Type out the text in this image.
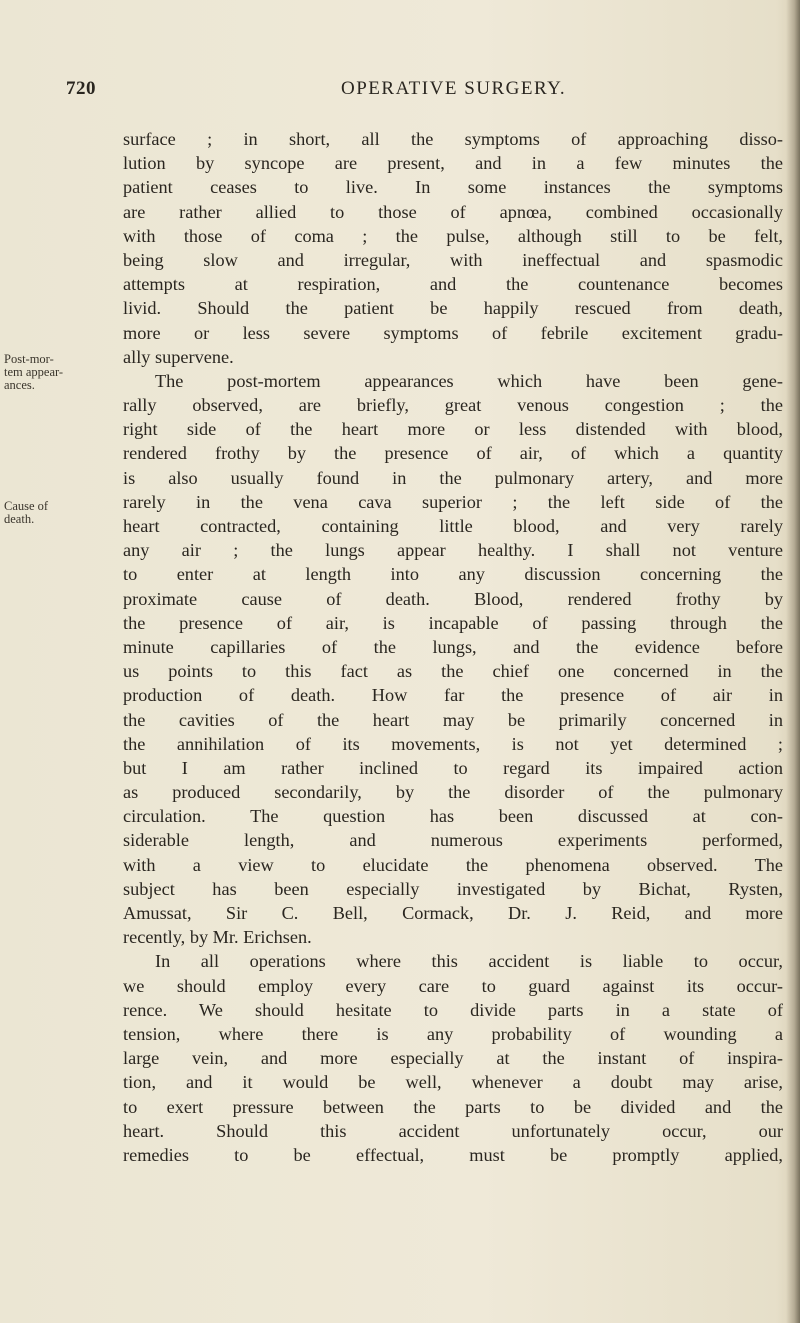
720	OPERATIVE SURGERY.
Post-mor-
tem appear-
ances.
Cause of
death.
surface ; in short, all the symptoms of approaching disso-
lution by syncope are present, and in a few minutes the
patient ceases to live. In some instances the symptoms
are rather allied to those of apnœa, combined occasionally
with those of coma ; the pulse, although still to be felt,
being slow and irregular, with ineffectual and spasmodic
attempts at respiration, and the countenance becomes
livid. Should the patient be happily rescued from death,
more or less severe symptoms of febrile excitement gradu-
ally supervene.
The post-mortem appearances which have been gene-
rally observed, are briefly, great venous congestion ; the
right side of the heart more or less distended with blood,
rendered frothy by the presence of air, of which a quantity
is also usually found in the pulmonary artery, and more
rarely in the vena cava superior ; the left side of the
heart contracted, containing little blood, and very rarely
any air ; the lungs appear healthy. I shall not venture
to enter at length into any discussion concerning the
proximate cause of death. Blood, rendered frothy by
the presence of air, is incapable of passing through the
minute capillaries of the lungs, and the evidence before
us points to this fact as the chief one concerned in the
production of death. How far the presence of air in
the cavities of the heart may be primarily concerned in
the annihilation of its movements, is not yet determined ;
but I am rather inclined to regard its impaired action
as produced secondarily, by the disorder of the pulmonary
circulation. The question has been discussed at con-
siderable length, and numerous experiments performed,
with a view to elucidate the phenomena observed. The
subject has been especially investigated by Bichat, Rysten,
Amussat, Sir C. Bell, Cormack, Dr. J. Reid, and more
recently, by Mr. Erichsen.
In all operations where this accident is liable to occur,
we should employ every care to guard against its occur-
rence. We should hesitate to divide parts in a state of
tension, where there is any probability of wounding a
large vein, and more especially at the instant of inspira-
tion, and it would be well, whenever a doubt may arise,
to exert pressure between the parts to be divided and the
heart. Should this accident unfortunately occur, our
remedies to be effectual, must be promptly applied,
